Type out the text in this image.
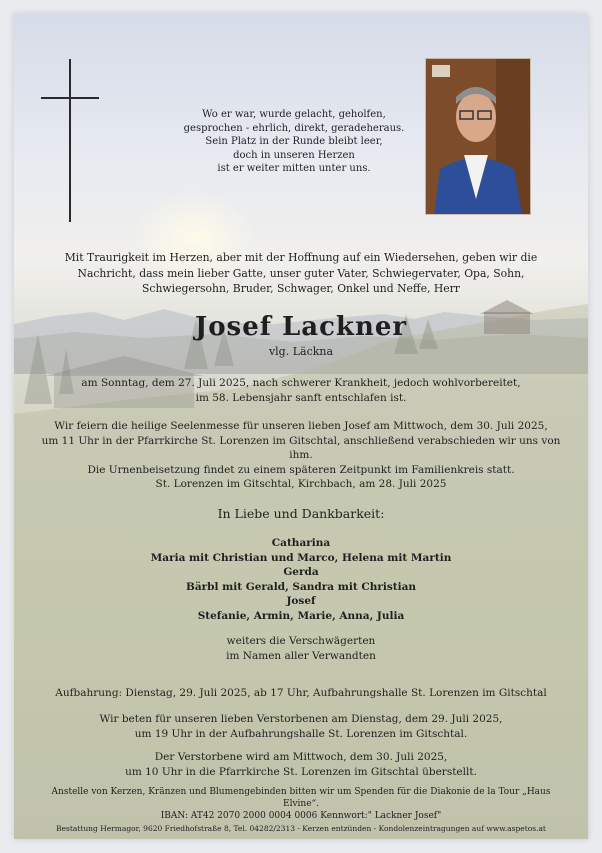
Wo er war, wurde gelacht, geholfen,
gesprochen - ehrlich, direkt, geradeheraus.
Sein Platz in der Runde bleibt leer,
doch in unseren Herzen
ist er weiter mitten unter uns.
Mit Traurigkeit im Herzen, aber mit der Hoffnung auf ein Wiedersehen, geben wir die Nachricht, dass mein lieber Gatte, unser guter Vater, Schwiegervater, Opa, Sohn, Schwiegersohn, Bruder, Schwager, Onkel und Neffe, Herr
Josef Lackner
vlg. Läckna
am Sonntag, dem 27. Juli 2025, nach schwerer Krankheit, jedoch wohlvorbereitet,
im 58. Lebensjahr sanft entschlafen ist.
Wir feiern die heilige Seelenmesse für unseren lieben Josef am Mittwoch, dem 30. Juli 2025,
um 11 Uhr in der Pfarrkirche St. Lorenzen im Gitschtal, anschließend verabschieden wir uns von ihm.
Die Urnenbeisetzung findet zu einem späteren Zeitpunkt im Familienkreis statt.
St. Lorenzen im Gitschtal, Kirchbach, am 28. Juli 2025
In Liebe und Dankbarkeit:
Catharina
Maria mit Christian und Marco, Helena mit Martin
Gerda
Bärbl mit Gerald, Sandra mit Christian
Josef
Stefanie, Armin, Marie, Anna, Julia
weiters die Verschwägerten
im Namen aller Verwandten
Aufbahrung: Dienstag, 29. Juli 2025, ab 17 Uhr, Aufbahrungshalle St. Lorenzen im Gitschtal
Wir beten für unseren lieben Verstorbenen am Dienstag, dem 29. Juli 2025,
um 19 Uhr in der Aufbahrungshalle St. Lorenzen im Gitschtal.
Der Verstorbene wird am Mittwoch, dem 30. Juli 2025,
um 10 Uhr in die Pfarrkirche St. Lorenzen im Gitschtal überstellt.
Anstelle von Kerzen, Kränzen und Blumengebinden bitten wir um Spenden für die Diakonie de la Tour „Haus Elvine“.
IBAN: AT42 2070 2000 0004 0006 Kennwort:" Lackner Josef"
Bestattung Hermagor, 9620 Friedhofstraße 8, Tel. 04282/2313 - Kerzen entzünden - Kondolenzeintragungen auf www.aspetos.at
